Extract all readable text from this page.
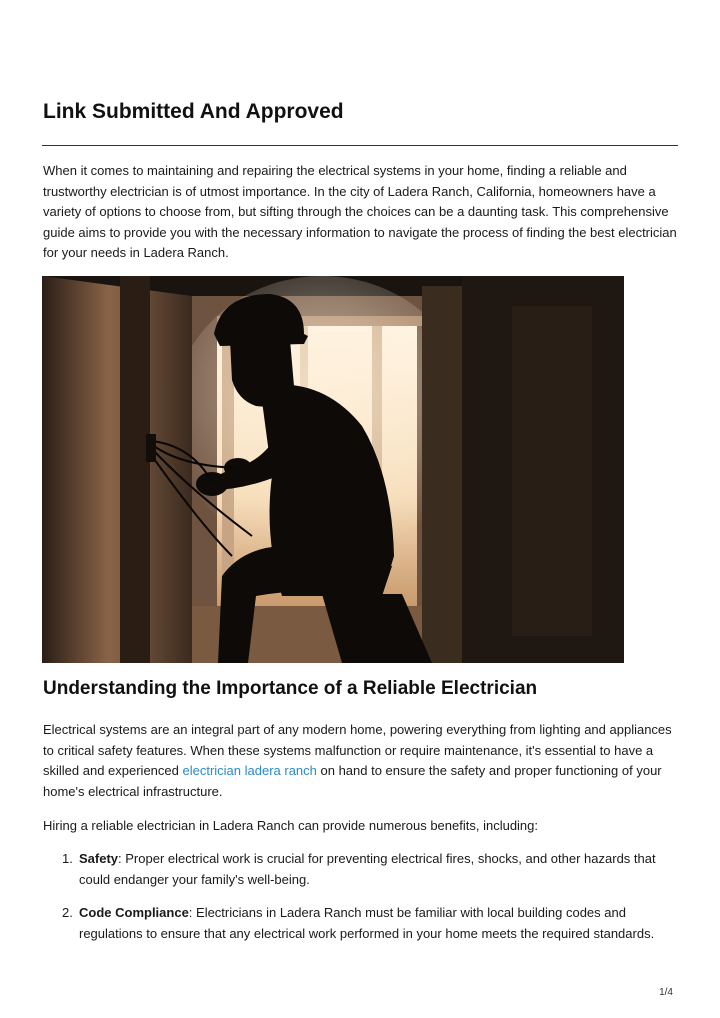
Link Submitted And Approved

When it comes to maintaining and repairing the electrical systems in your home, finding a reliable and trustworthy electrician is of utmost importance. In the city of Ladera Ranch, California, homeowners have a variety of options to choose from, but sifting through the choices can be a daunting task. This comprehensive guide aims to provide you with the necessary information to navigate the process of finding the best electrician for your needs in Ladera Ranch.

Understanding the Importance of a Reliable Electrician

Electrical systems are an integral part of any modern home, powering everything from lighting and appliances to critical safety features. When these systems malfunction or require maintenance, it's essential to have a skilled and experienced electrician ladera ranch on hand to ensure the safety and proper functioning of your home's electrical infrastructure.

Hiring a reliable electrician in Ladera Ranch can provide numerous benefits, including:

1. Safety: Proper electrical work is crucial for preventing electrical fires, shocks, and other hazards that could endanger your family's well-being.
2. Code Compliance: Electricians in Ladera Ranch must be familiar with local building codes and regulations to ensure that any electrical work performed in your home meets the required standards.
1/4
